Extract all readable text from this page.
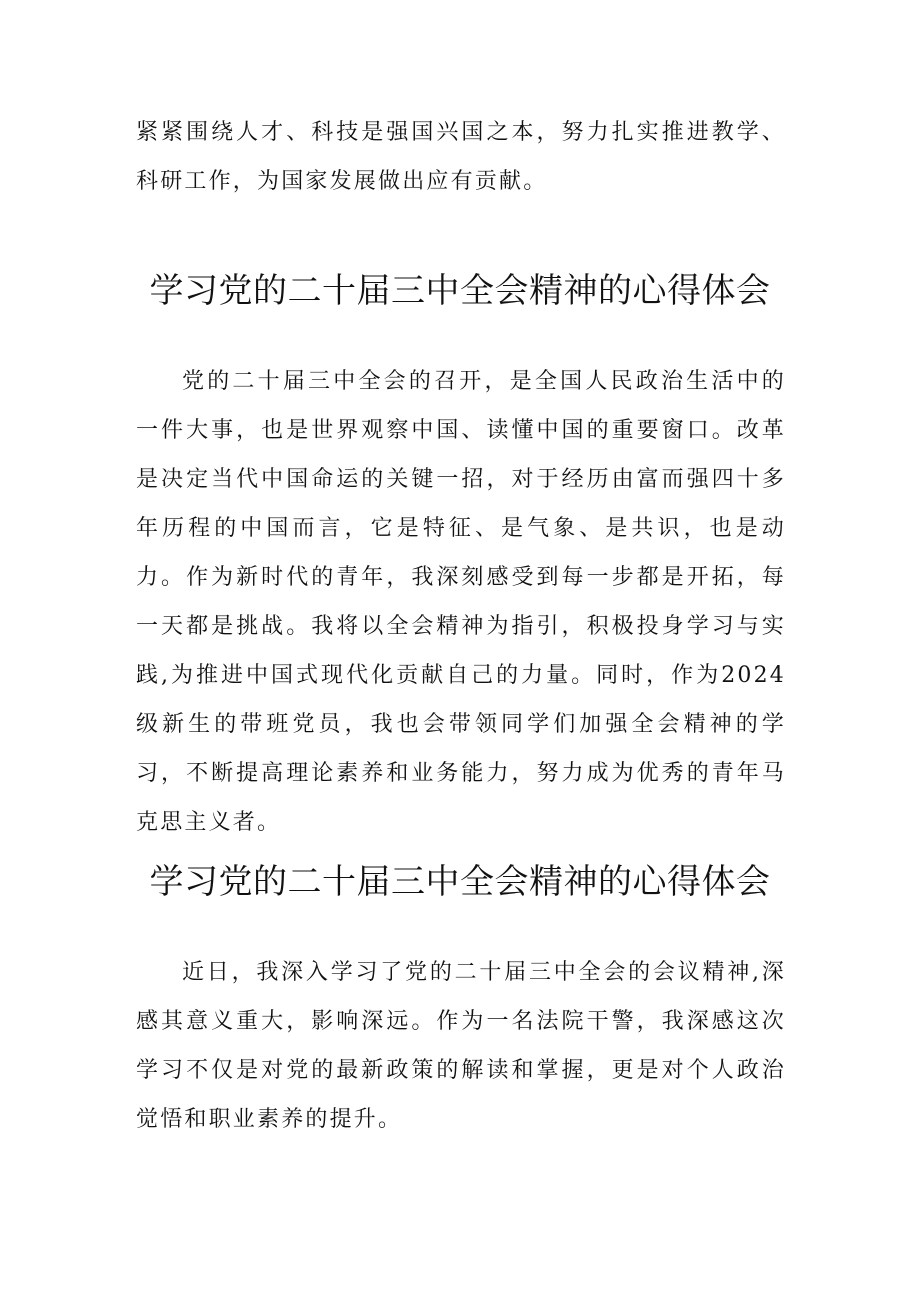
紧紧围绕人才、科技是强国兴国之本，努力扎实推进教学、科研工作，为国家发展做出应有贡献。

学习党的二十届三中全会精神的心得体会

党的二十届三中全会的召开，是全国人民政治生活中的一件大事，也是世界观察中国、读懂中国的重要窗口。改革是决定当代中国命运的关键一招，对于经历由富而强四十多年历程的中国而言，它是特征、是气象、是共识，也是动力。作为新时代的青年，我深刻感受到每一步都是开拓，每一天都是挑战。我将以全会精神为指引，积极投身学习与实践,为推进中国式现代化贡献自己的力量。同时，作为2024级新生的带班党员，我也会带领同学们加强全会精神的学习，不断提高理论素养和业务能力，努力成为优秀的青年马克思主义者。

学习党的二十届三中全会精神的心得体会

近日，我深入学习了党的二十届三中全会的会议精神,深感其意义重大，影响深远。作为一名法院干警，我深感这次学习不仅是对党的最新政策的解读和掌握，更是对个人政治觉悟和职业素养的提升。
